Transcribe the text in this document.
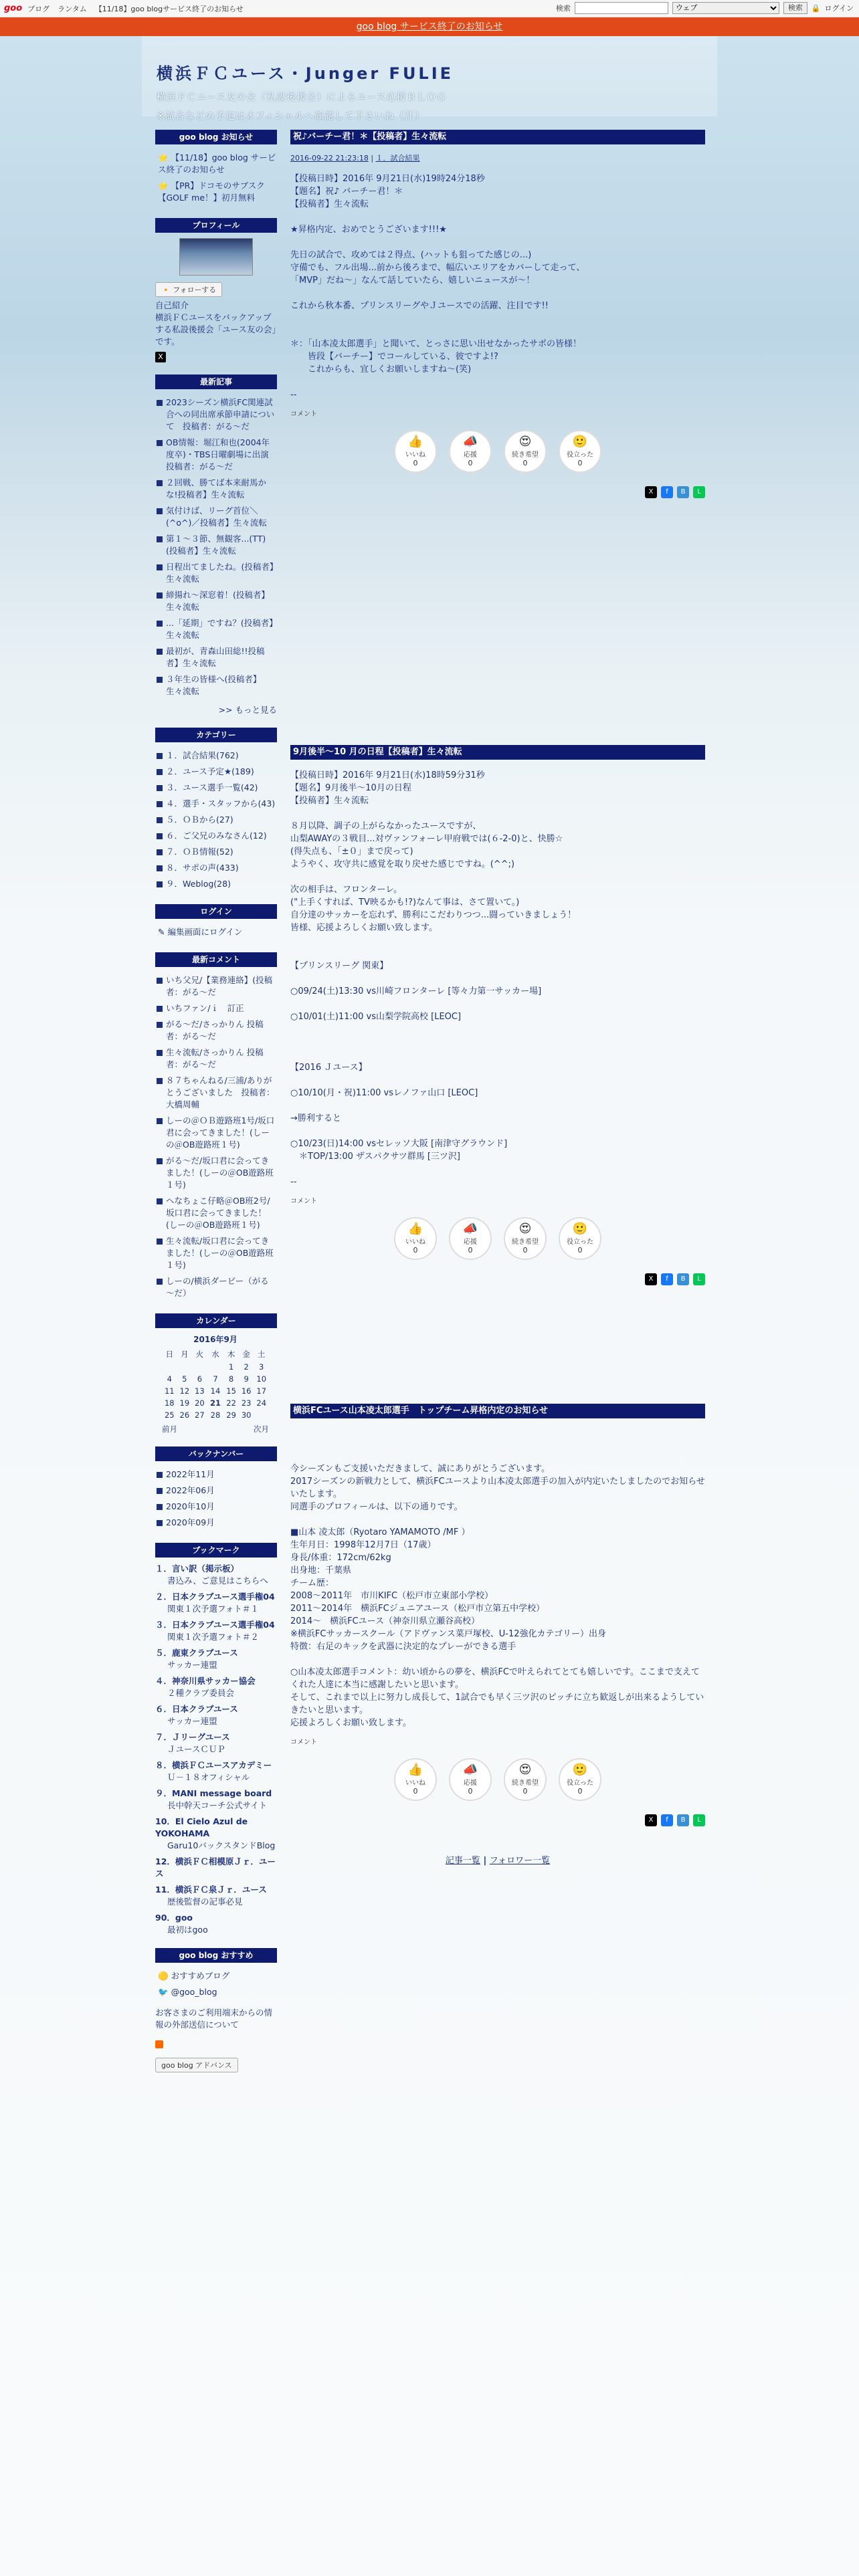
goo ブログ ランタム 【11/18】goo blogサービス終了のお知らせ	検索
ウェブ	検索	🔒 ログイン
goo blog サービス終了のお知らせ
横浜ＦＣユース・Junger FULIE
横浜ＦＣユース友の会（私設後援会）によるユース応援ＢＬＯＧ
※試合などの予定はオフィシャルへ確認して下さいね（汗）
goo blog お知らせ
⭐ 【11/18】goo blog サービス終了のお知らせ
⭐ 【PR】ドコモのサブスク【GOLF me！】初月無料
プロフィール
🔸 フォローする
自己紹介
横浜ＦＣユースをバックアップする私設後援会「ユース友の会」です。
X
最新記事
2023シーズン横浜FC関連試合への同出席承節申請について　投稿者：がる～だ
OB情報：堀江和也(2004年度卒)・TBS日曜劇場に出演　投稿者：がる～だ
２回戦、勝てば本来耐馬かな!投稿者】生々流転
気付けば、リーグ首位＼(^o^)／投稿者】生々流転
第１～３節、無観客...(TT)(投稿者】生々流転
日程出てましたね。(投稿者】生々流転
締揚れ～深窓着！(投稿者】生々流転
...「延期」ですね？(投稿者】生々流転
最初が、青森山田総!!投稿者】生々流転
３年生の皆様へ(投稿者】生々流転
>> もっと見る
カテゴリー
１．試合結果(762)
２．ユース予定★(189)
３．ユース選手一覧(42)
４．選手・スタッフから(43)
５．ＯＢから(27)
６．ご父兄のみなさん(12)
７．ＯＢ情報(52)
８．サポの声(433)
９．Weblog(28)
ログイン
✎ 編集画面にログイン
最新コメント
いち父兄/【業務連絡】(投稿者：がる～だ
いちファン/ｉ　訂正
がる～だ/さっかりん 投稿者：がる～だ
生々流転/さっかりん 投稿者：がる～だ
８７ちゃんねる/三浦/ありがとうございました　投稿者：大橋周輔
しーの＠ＯＢ遊路班1号/坂口君に会ってきました！(しーの＠OB遊路班１号)
がる～だ/坂口君に会ってきました！(しーの＠OB遊路班１号)
ヘなちょこ仔略＠OB班2号/坂口君に会ってきました！(しーの＠OB遊路班１号)
生々流転/坂口君に会ってきました！(しーの＠OB遊路班１号)
しーの/横浜ダービー（がる～だ）
カレンダー
2016年9月
日	月	火	水	木	金	土
				1	2	3
4	5	6	7	8	9	10
11	12	13	14	15	16	17
18	19	20	21	22	23	24
25	26	27	28	29	30	
前月	次月
バックナンバー
2022年11月
2022年06月
2020年10月
2020年09月
ブックマーク
１．言い訳（掲示板）
書込み、ご意見はこちらへ
２．日本クラブユース選手権04
関東１次予選フォト＃１
３．日本クラブユース選手権04
関東１次予選フォト＃２
５．鹿東クラブユース
サッカー連盟
４．神奈川県サッカー協会
２種クラブ委員会
６．日本クラブユース
サッカー連盟
７．Ｊリーグユース
ＪユースＣＵＰ
８．横浜ＦＣユースアカデミー
Ｕ－１８オフィシャル
９．MANI message board
長中幹天コーチ公式サイト
10．El Cielo Azul de YOKOHAMA
Garu10バックスタンドBlog
12．横浜ＦＣ相模原Ｊｒ．ユース
11．横浜ＦＣ泉Ｊｒ．ユース
歴後監督の記事必見
90．goo
最初はgoo
goo blog おすすめ
🟡 おすすめブログ
🐦 @goo_blog
お客さまのご利用端末からの情報の外部送信について
goo blog アドバンス
祝♪バーチー君！＊【投稿者】生々流転
2016-09-22 21:23:18 | １．試合結果
【投稿日時】2016年 9月21日(水)19時24分18秒
【題名】祝♪ バーチー君！＊
【投稿者】生々流転

★昇格内定、おめでとうございます!!!★

先日の試合で、攻めては２得点、(ハットも狙ってた感じの...)
守備でも、フル出場...前から後ろまで、幅広いエリアをカバーして走って、
「MVP」だね～」なんて話していたら、嬉しいニュースが～！

これから秋本番、プリンスリーグやＪユースでの活躍、注目です!!

＊：「山本凌太郎選手」と聞いて、とっさに思い出せなかったサポの皆様！
　　皆段【バーチー】でコールしている、彼ですよ!?
　　これからも、宜しくお願いしますね～(笑)

--
コメント
👍
いいね
0
📣
応援
0
😍
続き希望
0
🙂
役立った
0
X	f	B	L
9月後半～10 月の日程【投稿者】生々流転
【投稿日時】2016年 9月21日(水)18時59分31秒
【題名】9月後半～10月の日程
【投稿者】生々流転

８月以降、調子の上がらなかったユースですが、
山梨AWAYの３戦目...対ヴァンフォーレ甲府戦では(６-2-0)と、快勝☆
(得失点も、「±０」まで戻って)
ようやく、攻守共に感覚を取り戻せた感じですね。(^^;)

次の相手は、フロンターレ。
("上手くすれば、TV映るかも!?)なんて事は、さて置いて。)
自分達のサッカーを忘れず、勝利にこだわりつつ...闘っていきましょう！
皆様、応援よろしくお願い致します。

【プリンスリーグ 関東】

○09/24(土)13:30 vs川崎フロンターレ [等々力第一サッカー場]

○10/01(土)11:00 vs山梨学院高校 [LEOC]

【2016 Ｊユース】

○10/10(月・祝)11:00 vsレノファ山口 [LEOC]

→勝利すると

○10/23(日)14:00 vsセレッソ大阪 [南津守グラウンド]
　＊TOP/13:00 ザスパクサツ群馬 [三ツ沢]

--
コメント
👍
いいね
0
📣
応援
0
😍
続き希望
0
🙂
役立った
0
X	f	B	L
横浜FCユース山本凌太郎選手　トップチーム昇格内定のお知らせ
今シーズンもご支援いただきまして、誠にありがとうございます。
2017シーズンの新戦力として、横浜FCユースより山本凌太郎選手の加入が内定いたしましたのでお知らせいたします。
同選手のプロフィールは、以下の通りです。

■山本 凌太郎（Ryotaro YAMAMOTO /MF ）
生年月日：1998年12月7日（17歳）
身長/体重：172cm/62kg
出身地：千葉県
チーム歴：
2008～2011年　市川KIFC（松戸市立東部小学校）
2011～2014年　横浜FCジュニアユース（松戸市立第五中学校）
2014～　横浜FCユース（神奈川県立瀬谷高校）
※横浜FCサッカースクール（アドヴァンス菜戸塚校、U-12強化カテゴリー）出身
特徴：右足のキックを武器に決定的なプレーができる選手

○山本凌太郎選手コメント：幼い頃からの夢を、横浜FCで叶えられてとても嬉しいです。ここまで支えてくれた人達に本当に感謝したいと思います。
そして、これまで以上に努力し成長して、1試合でも早く三ツ沢のピッチに立ち歓返しが出来るようしていきたいと思います。
応援よろしくお願い致します。
コメント
👍
いいね
0
📣
応援
0
😍
続き希望
0
🙂
役立った
0
X	f	B	L
記事一覧 | フォロワー一覧
